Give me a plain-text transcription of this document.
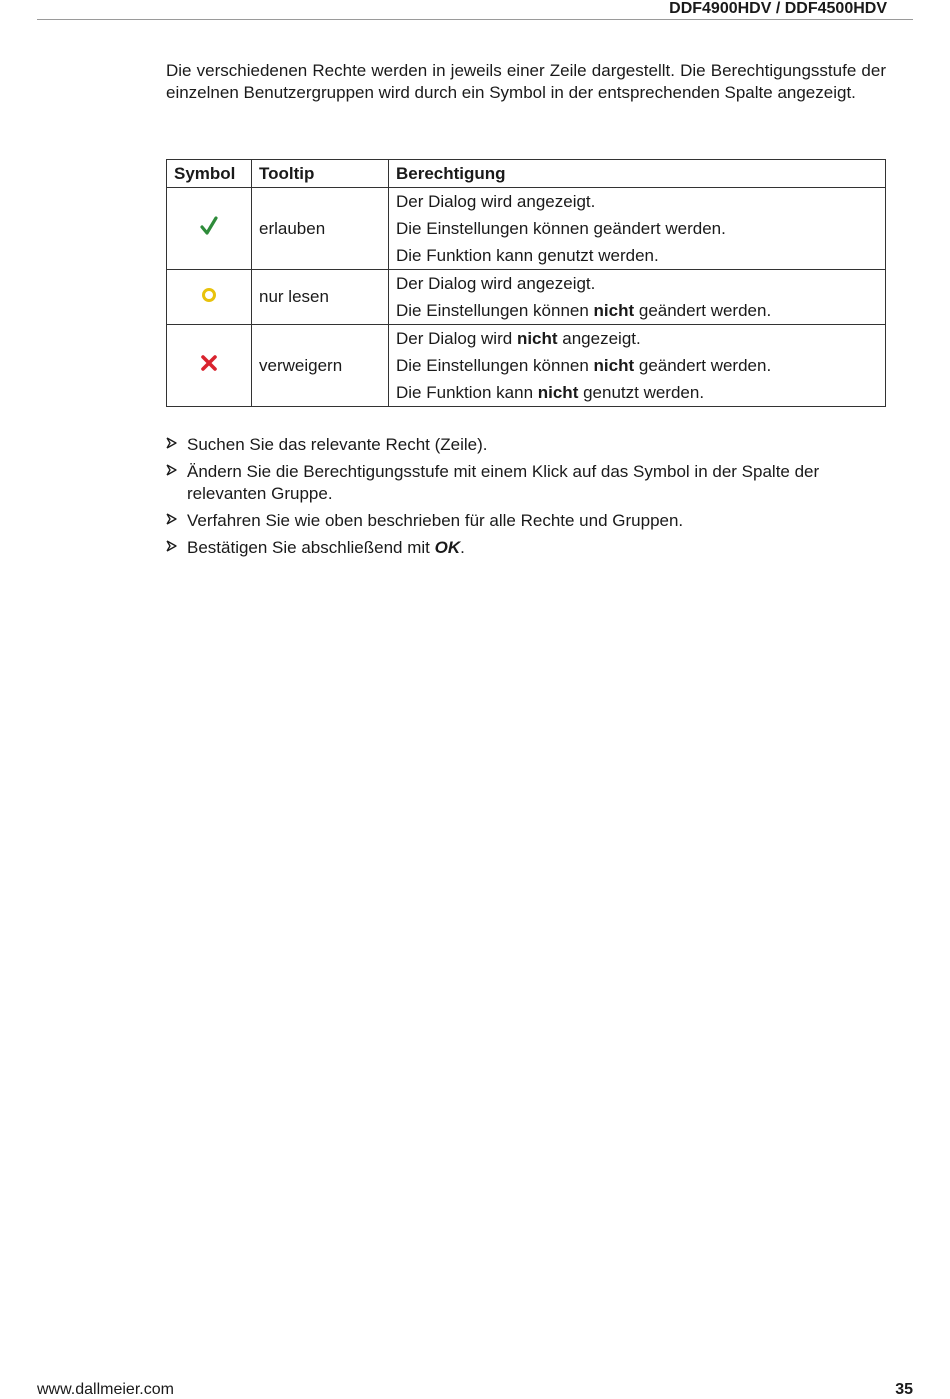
DDF4900HDV / DDF4500HDV

Die verschiedenen Rechte werden in jeweils einer Zeile dargestellt. Die Berechtigungsstufe der einzelnen Benutzergruppen wird durch ein Symbol in der entsprechenden Spalte angezeigt.

Symbol	Tooltip	Berechtigung
	erlauben	Der Dialog wird angezeigt.
Die Einstellungen können geändert werden.
Die Funktion kann genutzt werden.

	nur lesen	Der Dialog wird angezeigt.
Die Einstellungen können nicht geändert werden.

	verweigern	Der Dialog wird nicht angezeigt.
Die Einstellungen können nicht geändert werden.
Die Funktion kann nicht genutzt werden.
Suchen Sie das relevante Recht (Zeile).
Ändern Sie die Berechtigungsstufe mit einem Klick auf das Symbol in der Spalte der relevanten Gruppe.
Verfahren Sie wie oben beschrieben für alle Rechte und Gruppen.
Bestätigen Sie abschließend mit OK.
www.dallmeier.com	35
